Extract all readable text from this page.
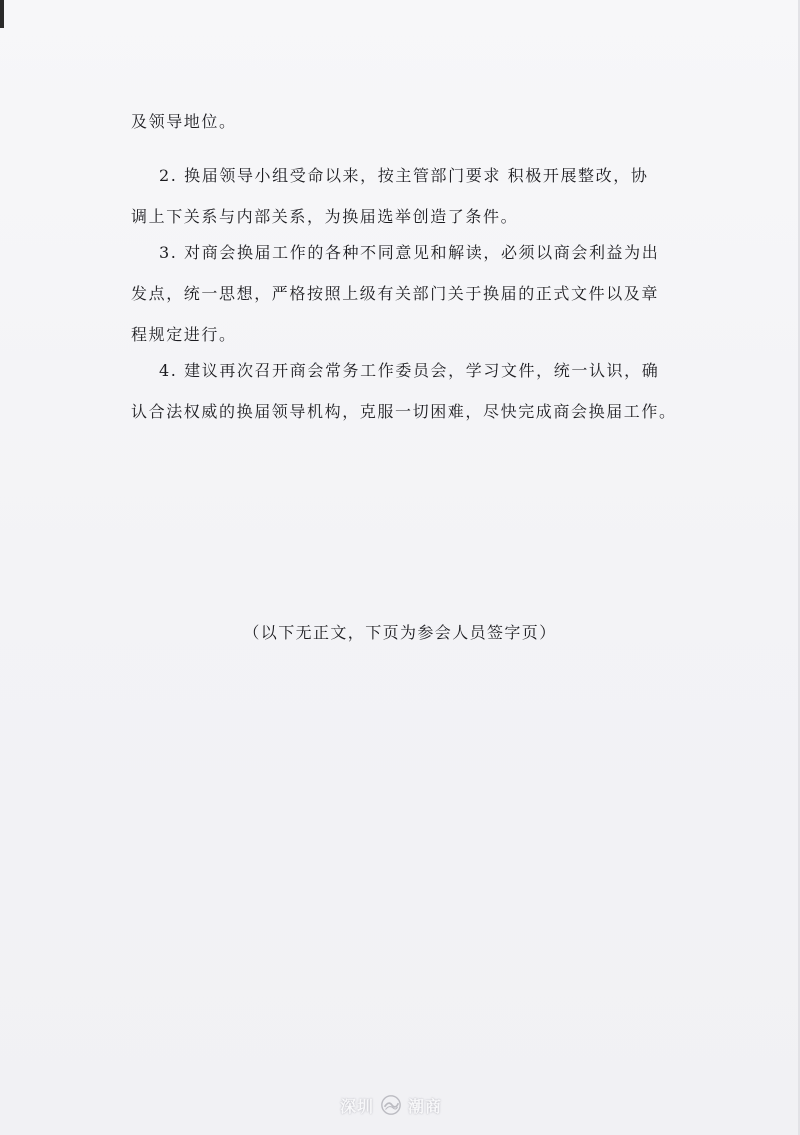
及领导地位。
2. 换届领导小组受命以来，按主管部门要求 积极开展整改，协
调上下关系与内部关系，为换届选举创造了条件。
3. 对商会换届工作的各种不同意见和解读，必须以商会利益为出
发点，统一思想，严格按照上级有关部门关于换届的正式文件以及章
程规定进行。
4. 建议再次召开商会常务工作委员会，学习文件，统一认识，确
认合法权威的换届领导机构，克服一切困难，尽快完成商会换届工作。
（以下无正文，下页为参会人员签字页）
深圳 潮商
